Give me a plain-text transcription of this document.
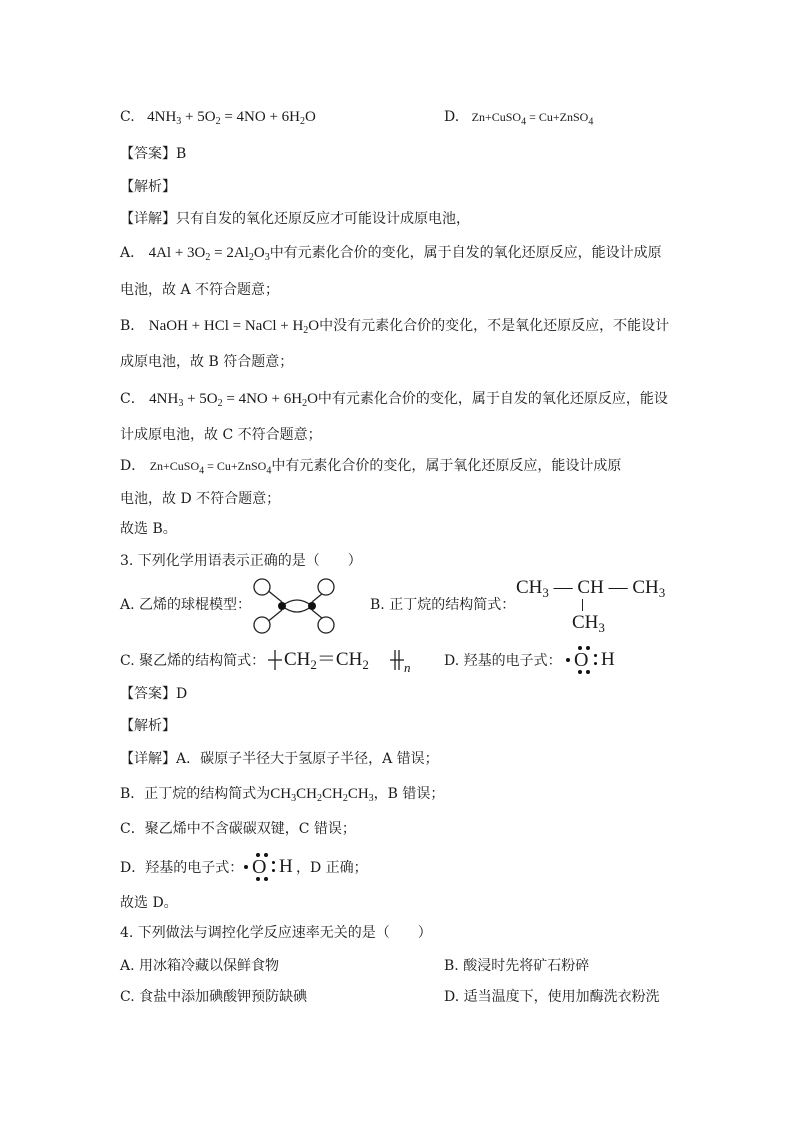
C. $4NH_3 + 5O_2 = 4NO + 6H_2O$	D. Zn+CuSO$_4$ = Cu+ZnSO$_4$
【答案】B
【解析】
【详解】只有自发的氧化还原反应才可能设计成原电池，
A． $4Al + 3O_2 = 2Al_2O_3$中有元素化合价的变化，属于自发的氧化还原反应，能设计成原
电池，故 A 不符合题意；
B． NaOH + HCl = NaCl + $H_2O$中没有元素化合价的变化，不是氧化还原反应，不能设计
成原电池，故 B 符合题意；
C． $4NH_3 + 5O_2 = 4NO + 6H_2O$中有元素化合价的变化，属于自发的氧化还原反应，能设
计成原电池，故 C 不符合题意；
D． Zn+CuSO$_4$ = Cu+ZnSO$_4$中有元素化合价的变化，属于氧化还原反应，能设计成原
电池，故 D 不符合题意；
故选 B。
3. 下列化学用语表示正确的是（　　）
A. 乙烯的球棍模型：	B. 正丁烷的结构简式：
$CH_3$ — CH — $CH_3$
$CH_3$
C. 聚乙烯的结构简式： $CH_2=CH_2$	n D. 羟基的电子式： O H
【答案】D
【解析】
【详解】A．碳原子半径大于氢原子半径，A 错误；
B．正丁烷的结构简式为$CH_3CH_2CH_2CH_3$，B 错误；
C．聚乙烯中不含碳碳双键，C 错误；
D．羟基的电子式： O H ，D 正确；
故选 D。
4. 下列做法与调控化学反应速率无关的是（　　）
A. 用冰箱冷藏以保鲜食物	B. 酸浸时先将矿石粉碎
C. 食盐中添加碘酸钾预防缺碘	D. 适当温度下，使用加酶洗衣粉洗
